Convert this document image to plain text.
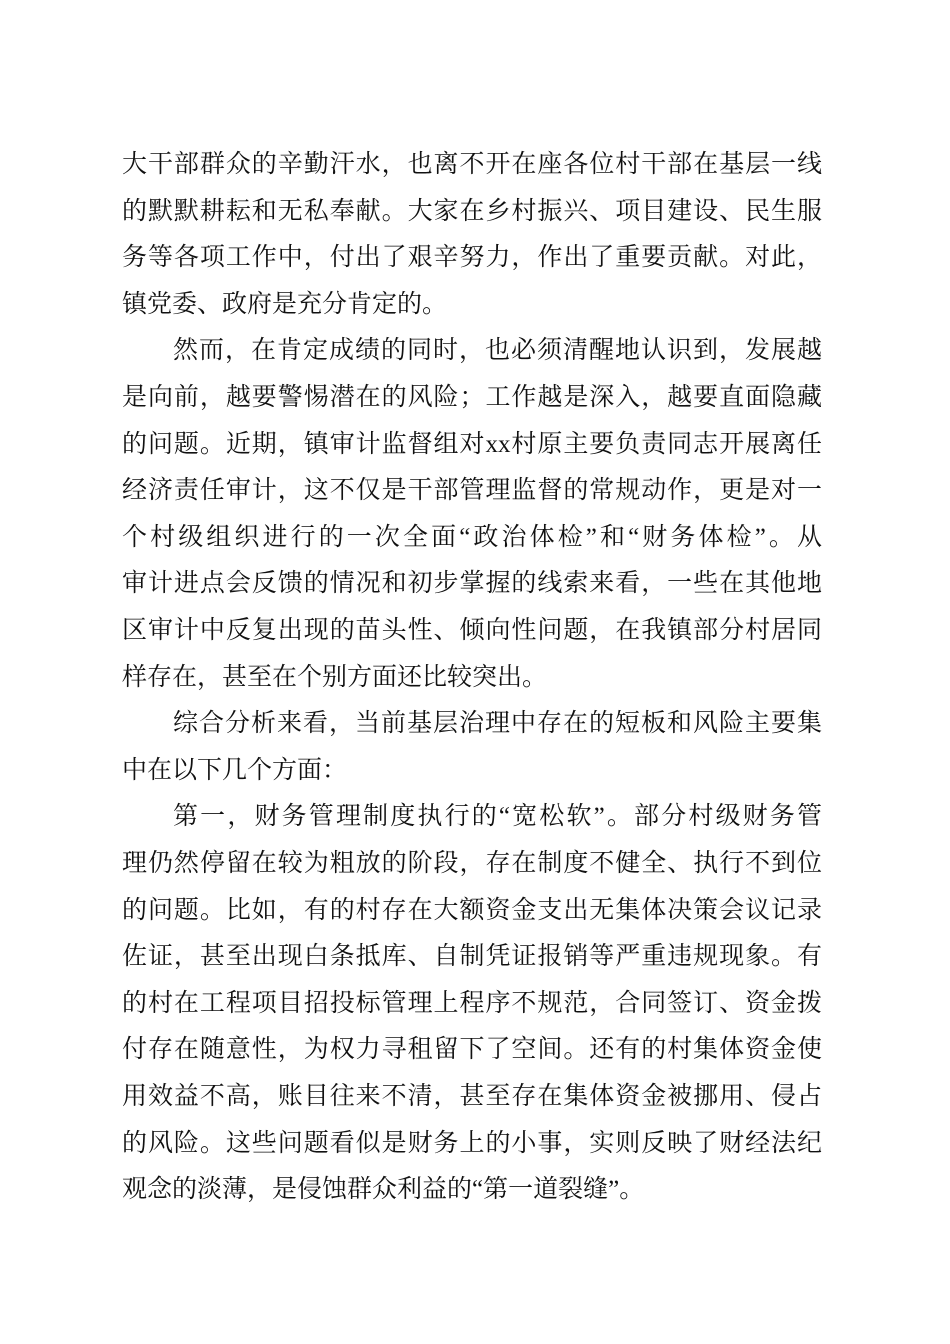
大干部群众的辛勤汗水，也离不开在座各位村干部在基层一线
的默默耕耘和无私奉献。大家在乡村振兴、项目建设、民生服
务等各项工作中，付出了艰辛努力，作出了重要贡献。对此，
镇党委、政府是充分肯定的。
然而，在肯定成绩的同时，也必须清醒地认识到，发展越
是向前，越要警惕潜在的风险；工作越是深入，越要直面隐藏
的问题。近期，镇审计监督组对xx村原主要负责同志开展离任
经济责任审计，这不仅是干部管理监督的常规动作，更是对一
个村级组织进行的一次全面“政治体检”和“财务体检”。从
审计进点会反馈的情况和初步掌握的线索来看，一些在其他地
区审计中反复出现的苗头性、倾向性问题，在我镇部分村居同
样存在，甚至在个别方面还比较突出。
综合分析来看，当前基层治理中存在的短板和风险主要集
中在以下几个方面：
第一，财务管理制度执行的“宽松软”。部分村级财务管
理仍然停留在较为粗放的阶段，存在制度不健全、执行不到位
的问题。比如，有的村存在大额资金支出无集体决策会议记录
佐证，甚至出现白条抵库、自制凭证报销等严重违规现象。有
的村在工程项目招投标管理上程序不规范，合同签订、资金拨
付存在随意性，为权力寻租留下了空间。还有的村集体资金使
用效益不高，账目往来不清，甚至存在集体资金被挪用、侵占
的风险。这些问题看似是财务上的小事，实则反映了财经法纪
观念的淡薄，是侵蚀群众利益的“第一道裂缝”。
